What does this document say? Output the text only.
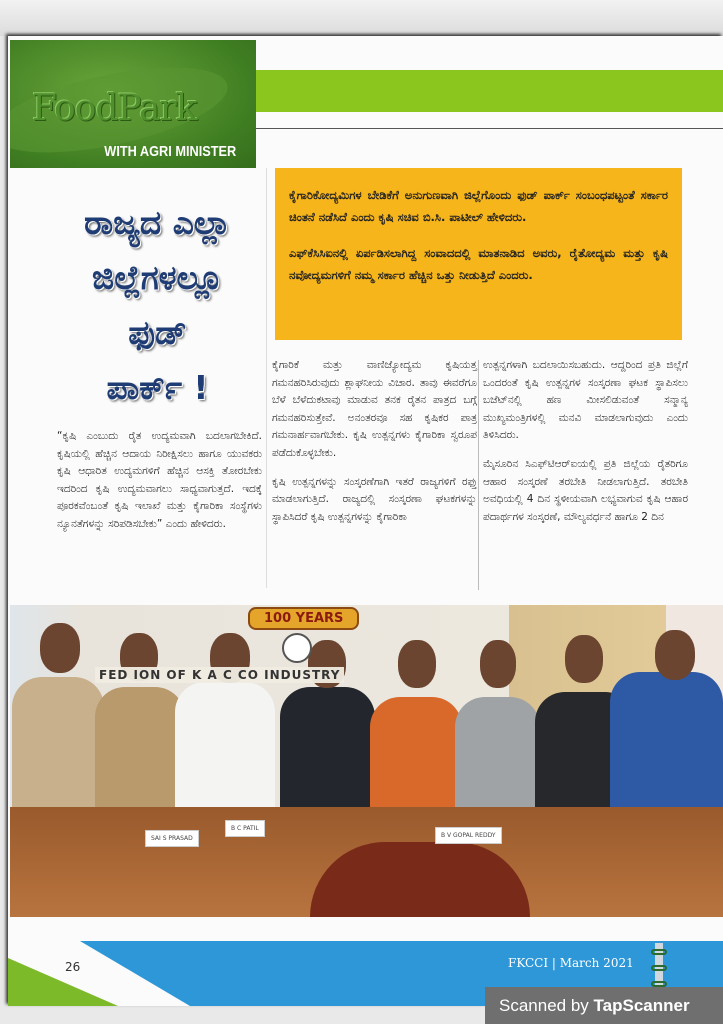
FoodPark
WITH AGRI MINISTER

ಕೈಗಾರಿಕೋದ್ಯಮಿಗಳ ಬೇಡಿಕೆಗೆ ಅನುಗುಣವಾಗಿ ಜಿಲ್ಲೆಗೊಂದು ಫುಡ್ ಪಾರ್ಕ್ ಸಂಬಂಧಪಟ್ಟಂತೆ ಸರ್ಕಾರ ಚಿಂತನೆ ನಡೆಸಿದೆ ಎಂದು ಕೃಷಿ ಸಚಿವ ಬಿ.ಸಿ. ಪಾಟೀಲ್ ಹೇಳಿದರು.

ಎಫ್‌ಕೆಸಿಸಿಐನಲ್ಲಿ ಏರ್ಪಡಿಸಲಾಗಿದ್ದ ಸಂವಾದದಲ್ಲಿ ಮಾತನಾಡಿದ ಅವರು, ರೈತೋದ್ಯಮ ಮತ್ತು ಕೃಷಿ ನವೋದ್ಯಮಗಳಿಗೆ ನಮ್ಮ ಸರ್ಕಾರ ಹೆಚ್ಚಿನ ಒತ್ತು ನೀಡುತ್ತಿದೆ ಎಂದರು.

ರಾಜ್ಯದ ಎಲ್ಲಾ
ಜಿಲ್ಲೆಗಳಲ್ಲೂ
ಫುಡ್
ಪಾರ್ಕ್ !
“ಕೃಷಿ ಎಂಬುದು ರೈತ ಉದ್ಯಮವಾಗಿ ಬದಲಾಗಬೇಕಿದೆ. ಕೃಷಿಯಲ್ಲಿ ಹೆಚ್ಚಿನ ಆದಾಯ ನಿರೀಕ್ಷಿಸಲು ಹಾಗೂ ಯುವಕರು ಕೃಷಿ ಆಧಾರಿತ ಉದ್ಯಮಗಳಿಗೆ ಹೆಚ್ಚಿನ ಆಸಕ್ತಿ ತೋರಬೇಕು ಇದರಿಂದ ಕೃಷಿ ಉದ್ಯಮವಾಗಲು ಸಾಧ್ಯವಾಗುತ್ತದೆ. ಇದಕ್ಕೆ ಪೂರಕವೆಂಬಂತೆ ಕೃಷಿ ಇಲಾಖೆ ಮತ್ತು ಕೈಗಾರಿಕಾ ಸಂಸ್ಥೆಗಳು ನ್ಯೂನತೆಗಳನ್ನು ಸರಿಪಡಿಸಬೇಕು” ಎಂದು ಹೇಳಿದರು.

ಕೈಗಾರಿಕೆ ಮತ್ತು ವಾಣಿಜ್ಯೋದ್ಯಮ ಕೃಷಿಯತ್ತ ಗಮನಹರಿಸಿರುವುದು ಶ್ಲಾಘನೀಯ ವಿಚಾರ. ತಾವು ಈವರೆಗೂ ಬೆಳೆ ಬೆಳೆದುಕಟಾವು ಮಾಡುವ ತನಕ ರೈತನ ಪಾತ್ರದ ಬಗ್ಗೆ ಗಮನಹರಿಸುತ್ತೇವೆ. ಅನಂತರವೂ ಸಹ ಕೃಷಿಕರ ಪಾತ್ರ ಗಮನಾರ್ಹವಾಗಬೇಕು. ಕೃಷಿ ಉತ್ಪನ್ನಗಳು ಕೈಗಾರಿಕಾ ಸ್ವರೂಪ ಪಡೆದುಕೊಳ್ಳಬೇಕು.

ಕೃಷಿ ಉತ್ಪನ್ನಗಳನ್ನು ಸಂಸ್ಕರಣೆಗಾಗಿ ಇತರೆ ರಾಜ್ಯಗಳಿಗೆ ರಫ್ತು ಮಾಡಲಾಗುತ್ತಿದೆ. ರಾಜ್ಯದಲ್ಲಿ ಸಂಸ್ಕರಣಾ ಘಟಕಗಳನ್ನು ಸ್ಥಾಪಿಸಿದರೆ ಕೃಷಿ ಉತ್ಪನ್ನಗಳನ್ನು ಕೈಗಾರಿಕಾ

ಉತ್ಪನ್ನಗಳಾಗಿ ಬದಲಾಯಿಸಬಹುದು. ಆದ್ದರಿಂದ ಪ್ರತಿ ಜಿಲ್ಲೆಗೆ ಒಂದರಂತೆ ಕೃಷಿ ಉತ್ಪನ್ನಗಳ ಸಂಸ್ಕರಣಾ ಘಟಕ ಸ್ಥಾಪಿಸಲು ಬಜೆಟ್‌ನಲ್ಲಿ ಹಣ ಮೀಸಲಿಡುವಂತೆ ಸನ್ಮಾನ್ಯ ಮುಖ್ಯಮಂತ್ರಿಗಳಲ್ಲಿ ಮನವಿ ಮಾಡಲಾಗುವುದು ಎಂದು ತಿಳಿಸಿದರು.

ಮೈಸೂರಿನ ಸಿಎಫ್‌ಟಿಆರ್‌ಐಯಲ್ಲಿ ಪ್ರತಿ ಜಿಲ್ಲೆಯ ರೈತರಿಗೂ ಆಹಾರ ಸಂಸ್ಕರಣೆ ತರಬೇತಿ ನೀಡಲಾಗುತ್ತಿದೆ. ತರಬೇತಿ ಅವಧಿಯಲ್ಲಿ 4 ದಿನ ಸ್ಥಳೀಯವಾಗಿ ಲಭ್ಯವಾಗುವ ಕೃಷಿ ಆಹಾರ ಪದಾರ್ಥಗಳ ಸಂಸ್ಕರಣೆ, ಮೌಲ್ಯವರ್ಧನೆ ಹಾಗೂ 2 ದಿನ

100 YEARS
FED ION OF K A C CO INDUSTRY
SAI S PRASAD
B C PATIL
B V GOPAL REDDY
26	FKCCI | March 2021
Scanned by TapScanner
